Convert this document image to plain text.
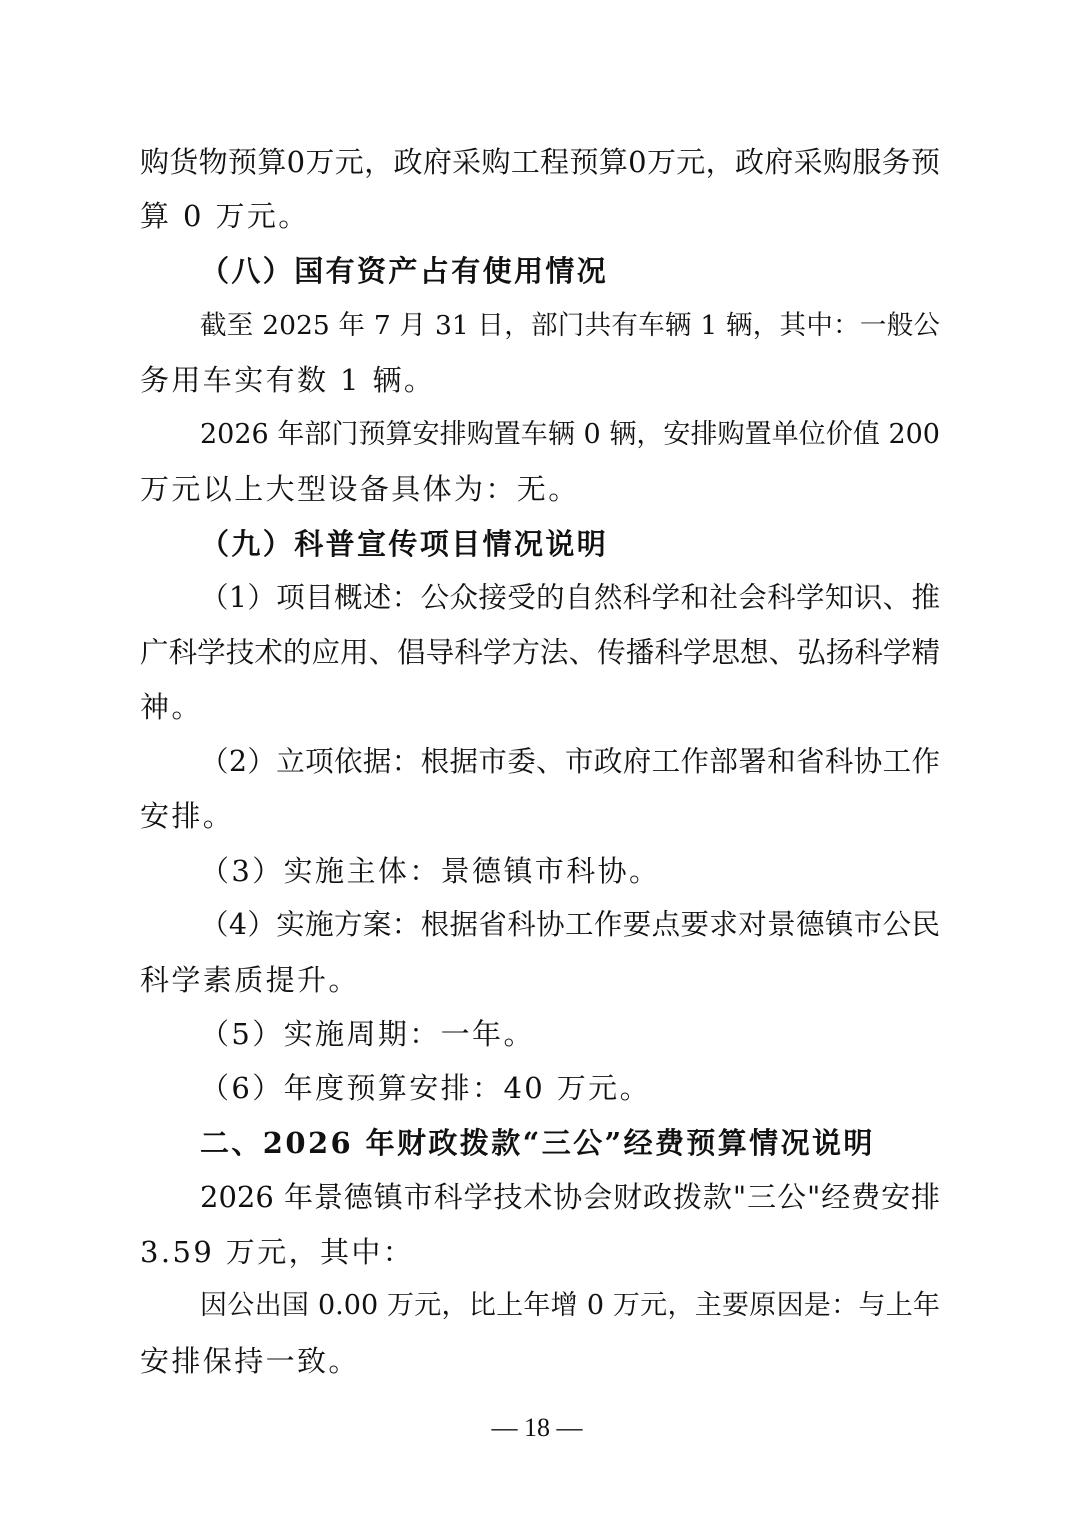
购货物预算0万元，政府采购工程预算0万元，政府采购服务预
算 0 万元。
（八）国有资产占有使用情况
截至 2025 年 7 月 31 日，部门共有车辆 1 辆，其中：一般公
务用车实有数 1 辆。
2026 年部门预算安排购置车辆 0 辆，安排购置单位价值 200
万元以上大型设备具体为：无。
（九）科普宣传项目情况说明
（1）项目概述：公众接受的自然科学和社会科学知识、推
广科学技术的应用、倡导科学方法、传播科学思想、弘扬科学精
神。
（2）立项依据：根据市委、市政府工作部署和省科协工作
安排。
（3）实施主体：景德镇市科协。
（4）实施方案：根据省科协工作要点要求对景德镇市公民
科学素质提升。
（5）实施周期：一年。
（6）年度预算安排：40 万元。
二、2026 年财政拨款“三公”经费预算情况说明
2026 年景德镇市科学技术协会财政拨款"三公"经费安排
3.59 万元，其中：
因公出国 0.00 万元，比上年增 0 万元，主要原因是：与上年
安排保持一致。
— 18 —
